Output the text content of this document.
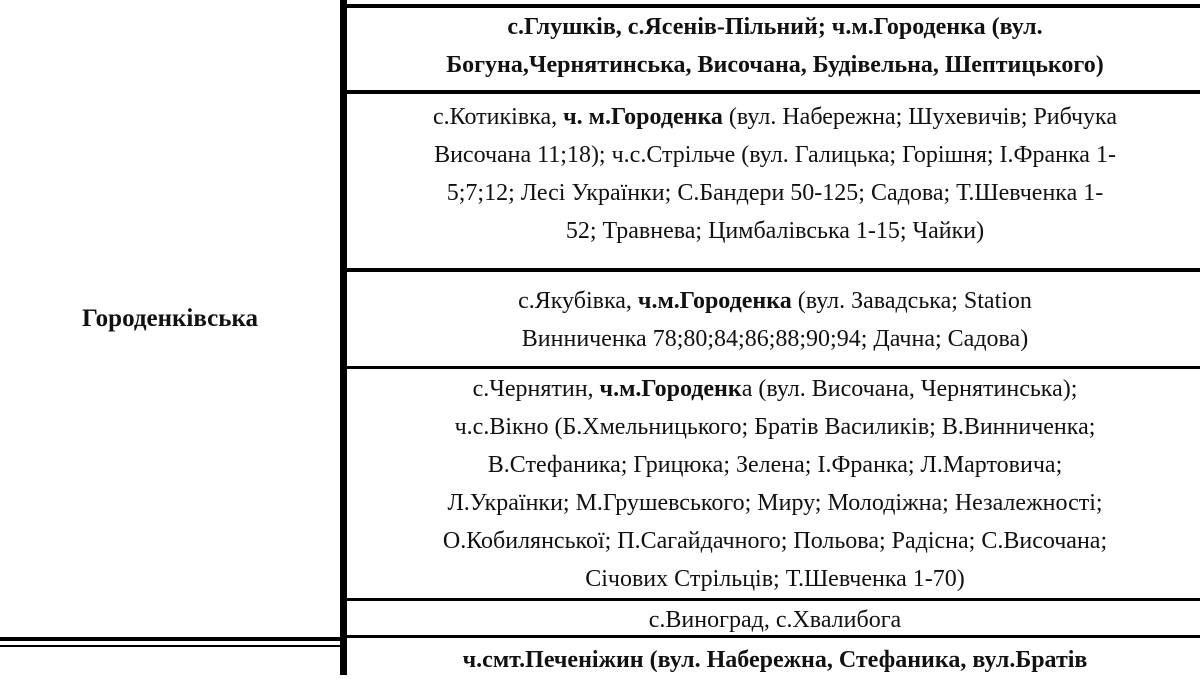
Городенківська
с.Глушків, с.Ясенів-Пільний; ч.м.Городенка (вул.
Богуна,Чернятинська, Височана, Будівельна, Шептицького)
с.Котиківка, ч. м.Городенка (вул. Набережна; Шухевичів; Рибчука
Височана 11;18); ч.с.Стрільче (вул. Галицька; Горішня; І.Франка 1-
5;7;12; Лесі Українки; С.Бандери 50-125; Садова; Т.Шевченка 1-
52; Травнева; Цимбалівська 1-15; Чайки)
с.Якубівка, ч.м.Городенка (вул. Завадська; Station
Винниченка 78;80;84;86;88;90;94; Дачна; Садова)
с.Чернятин, ч.м.Городенка (вул. Височана, Чернятинська);
ч.с.Вікно (Б.Хмельницького; Братів Василиків; В.Винниченка;
В.Стефаника; Грицюка; Зелена; І.Франка; Л.Мартовича;
Л.Українки; М.Грушевського; Миру; Молодіжна; Незалежності;
О.Кобилянської; П.Сагайдачного; Польова; Радісна; С.Височана;
Січових Стрільців; Т.Шевченка 1-70)
с.Виноград, с.Хвалибога
ч.смт.Печеніжин (вул. Набережна, Стефаника, вул.Братів
